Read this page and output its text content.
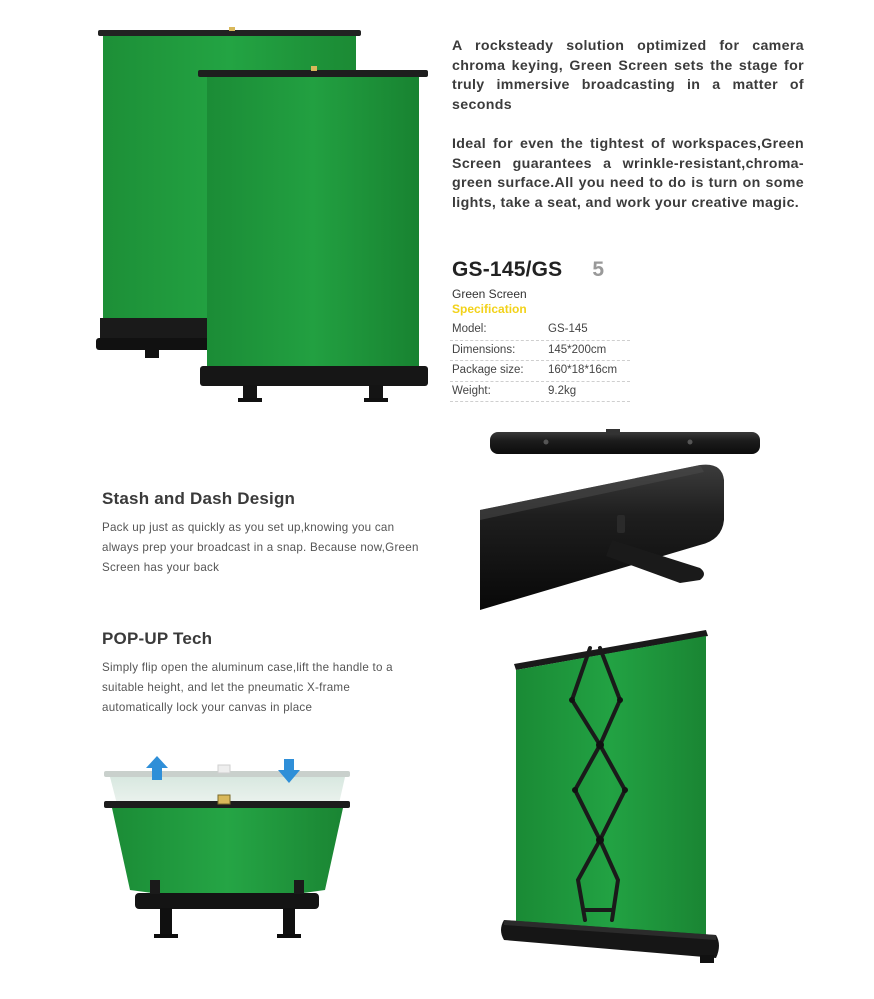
A rocksteady solution optimized for camera chroma keying, Green Screen sets the stage for truly immersive broadcasting in a matter of seconds

Ideal for even the tightest of workspaces,Green Screen guarantees a wrinkle-resistant,chroma-green surface.All you need to do is turn on some lights, take a seat, and work your creative magic.

GS-145/GS 5
Green Screen
Specification
Model:	GS-145
Dimensions:	145*200cm
Package size: 160*18*16cm
Weight:	9.2kg
Stash and Dash Design

Pack up just as quickly as you set up,knowing you can always prep your broadcast in a snap. Because now,Green Screen has your back

POP-UP Tech

Simply flip open the aluminum case,lift the handle to a suitable height, and let the pneumatic X-frame automatically lock your canvas in place
